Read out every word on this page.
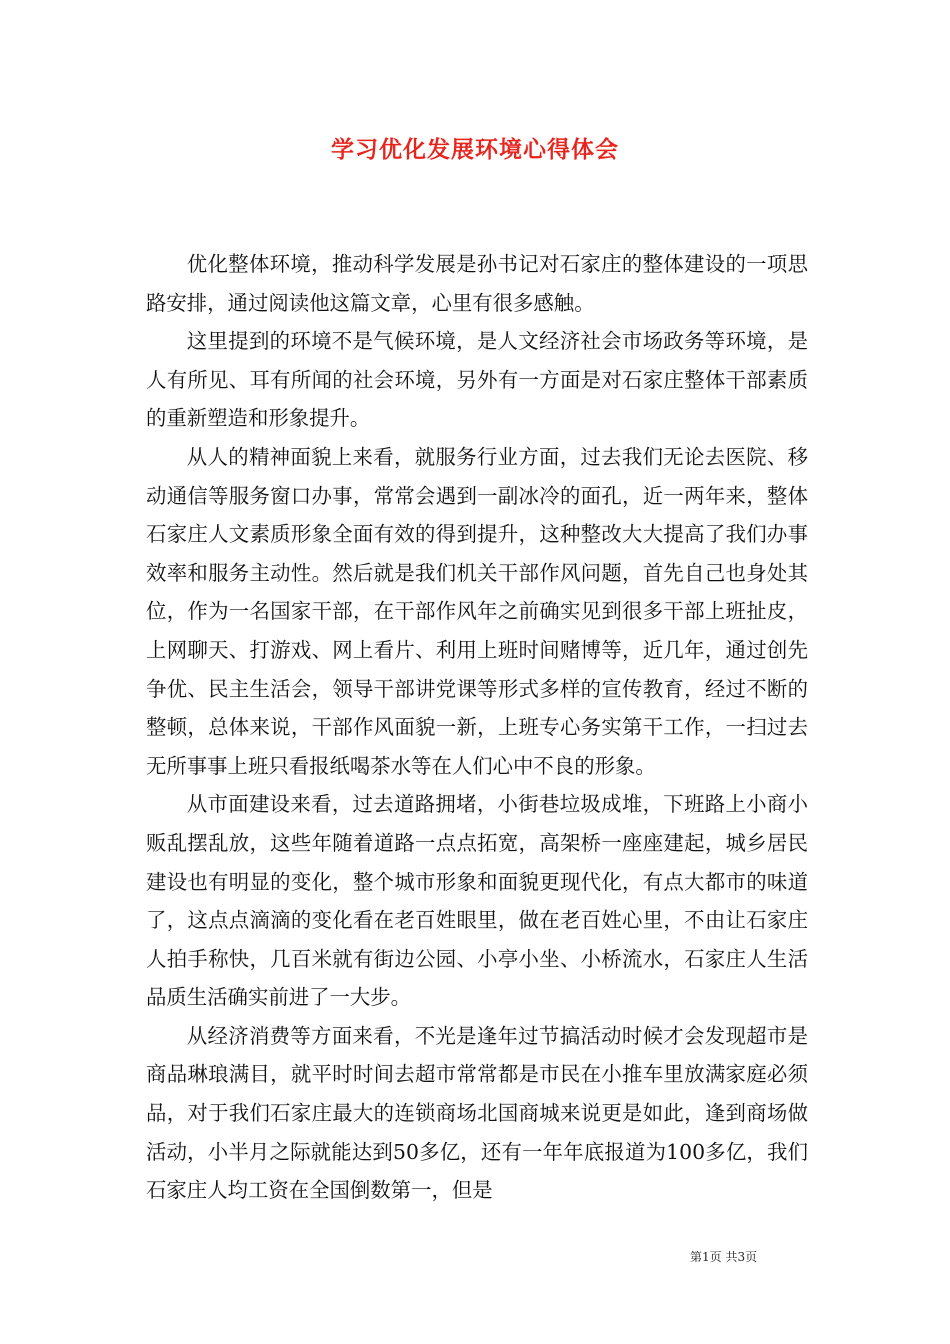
学习优化发展环境心得体会

优化整体环境，推动科学发展是孙书记对石家庄的整体建设的一项思路安排，通过阅读他这篇文章，心里有很多感触。

这里提到的环境不是气候环境，是人文经济社会市场政务等环境，是人有所见、耳有所闻的社会环境，另外有一方面是对石家庄整体干部素质的重新塑造和形象提升。

从人的精神面貌上来看，就服务行业方面，过去我们无论去医院、移动通信等服务窗口办事，常常会遇到一副冰冷的面孔，近一两年来，整体石家庄人文素质形象全面有效的得到提升，这种整改大大提高了我们办事效率和服务主动性。然后就是我们机关干部作风问题，首先自己也身处其位，作为一名国家干部，在干部作风年之前确实见到很多干部上班扯皮，上网聊天、打游戏、网上看片、利用上班时间赌博等，近几年，通过创先争优、民主生活会，领导干部讲党课等形式多样的宣传教育，经过不断的整顿，总体来说，干部作风面貌一新，上班专心务实第干工作，一扫过去无所事事上班只看报纸喝茶水等在人们心中不良的形象。

从市面建设来看，过去道路拥堵，小街巷垃圾成堆，下班路上小商小贩乱摆乱放，这些年随着道路一点点拓宽，高架桥一座座建起，城乡居民建设也有明显的变化，整个城市形象和面貌更现代化，有点大都市的味道了，这点点滴滴的变化看在老百姓眼里，做在老百姓心里，不由让石家庄人拍手称快，几百米就有街边公园、小亭小坐、小桥流水，石家庄人生活品质生活确实前进了一大步。

从经济消费等方面来看，不光是逢年过节搞活动时候才会发现超市是商品琳琅满目，就平时时间去超市常常都是市民在小推车里放满家庭必须品，对于我们石家庄最大的连锁商场北国商城来说更是如此，逢到商场做活动，小半月之际就能达到50多亿，还有一年年底报道为100多亿，我们石家庄人均工资在全国倒数第一，但是

第1页 共3页
